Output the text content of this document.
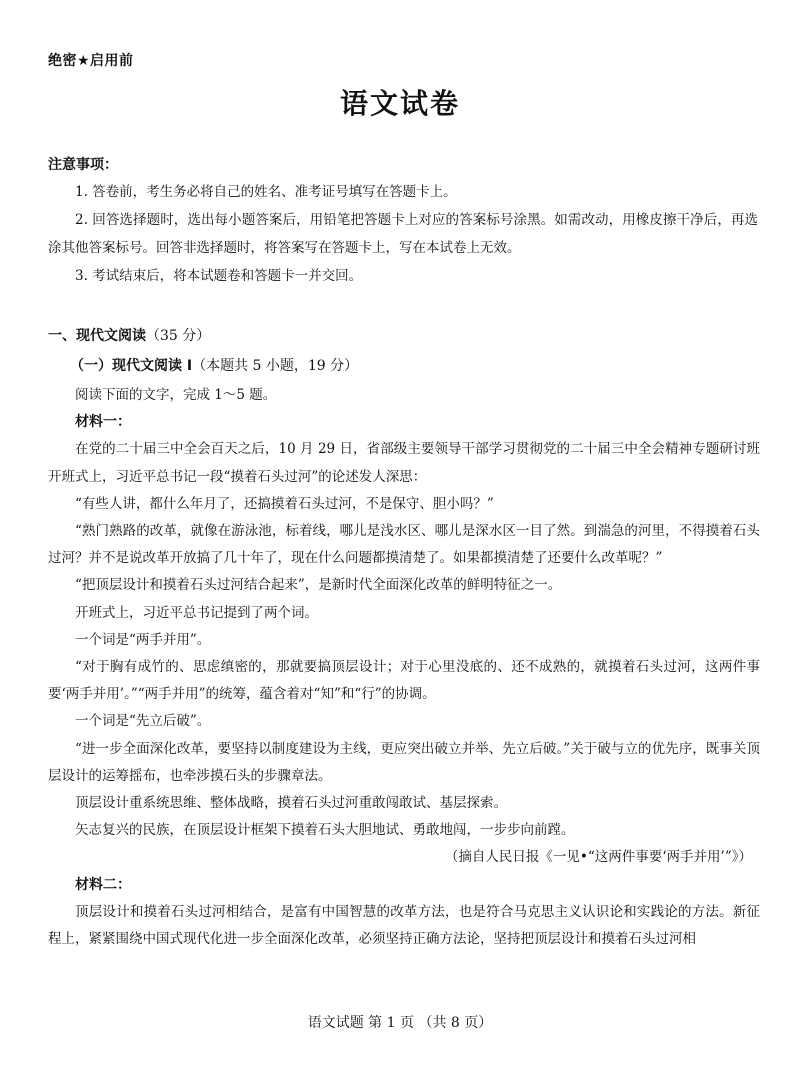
绝密★启用前
语文试卷
注意事项：

1. 答卷前，考生务必将自己的姓名、准考证号填写在答题卡上。

2. 回答选择题时，选出每小题答案后，用铅笔把答题卡上对应的答案标号涂黑。如需改动，用橡皮擦干净后，再选涂其他答案标号。回答非选择题时，将答案写在答题卡上，写在本试卷上无效。

3. 考试结束后，将本试题卷和答题卡一并交回。

一、现代文阅读（35 分）
（一）现代文阅读 I（本题共 5 小题，19 分）

阅读下面的文字，完成 1～5 题。

材料一：

在党的二十届三中全会百天之后，10 月 29 日，省部级主要领导干部学习贯彻党的二十届三中全会精神专题研讨班开班式上，习近平总书记一段“摸着石头过河”的论述发人深思：

“有些人讲，都什么年月了，还搞摸着石头过河，不是保守、胆小吗？”

“熟门熟路的改革，就像在游泳池，标着线，哪儿是浅水区、哪儿是深水区一目了然。到湍急的河里，不得摸着石头过河？并不是说改革开放搞了几十年了，现在什么问题都摸清楚了。如果都摸清楚了还要什么改革呢？”

“把顶层设计和摸着石头过河结合起来”，是新时代全面深化改革的鲜明特征之一。

开班式上，习近平总书记提到了两个词。

一个词是“两手并用”。

“对于胸有成竹的、思虑缜密的，那就要搞顶层设计；对于心里没底的、还不成熟的，就摸着石头过河，这两件事要‘两手并用’。”“两手并用”的统筹，蕴含着对“知”和“行”的协调。

一个词是“先立后破”。

“进一步全面深化改革，要坚持以制度建设为主线，更应突出破立并举、先立后破。”关于破与立的优先序，既事关顶层设计的运筹摇布，也牵涉摸石头的步骤章法。

顶层设计重系统思维、整体战略，摸着石头过河重敢闯敢试、基层探索。

矢志复兴的民族，在顶层设计框架下摸着石头大胆地试、勇敢地闯，一步步向前蹚。

（摘自人民日报《一见•“这两件事要‘两手并用’”》）

材料二：

顶层设计和摸着石头过河相结合，是富有中国智慧的改革方法，也是符合马克思主义认识论和实践论的方法。新征程上，紧紧围绕中国式现代化进一步全面深化改革，必须坚持正确方法论，坚持把顶层设计和摸着石头过河相

语文试题 第 1 页 （共 8 页）
